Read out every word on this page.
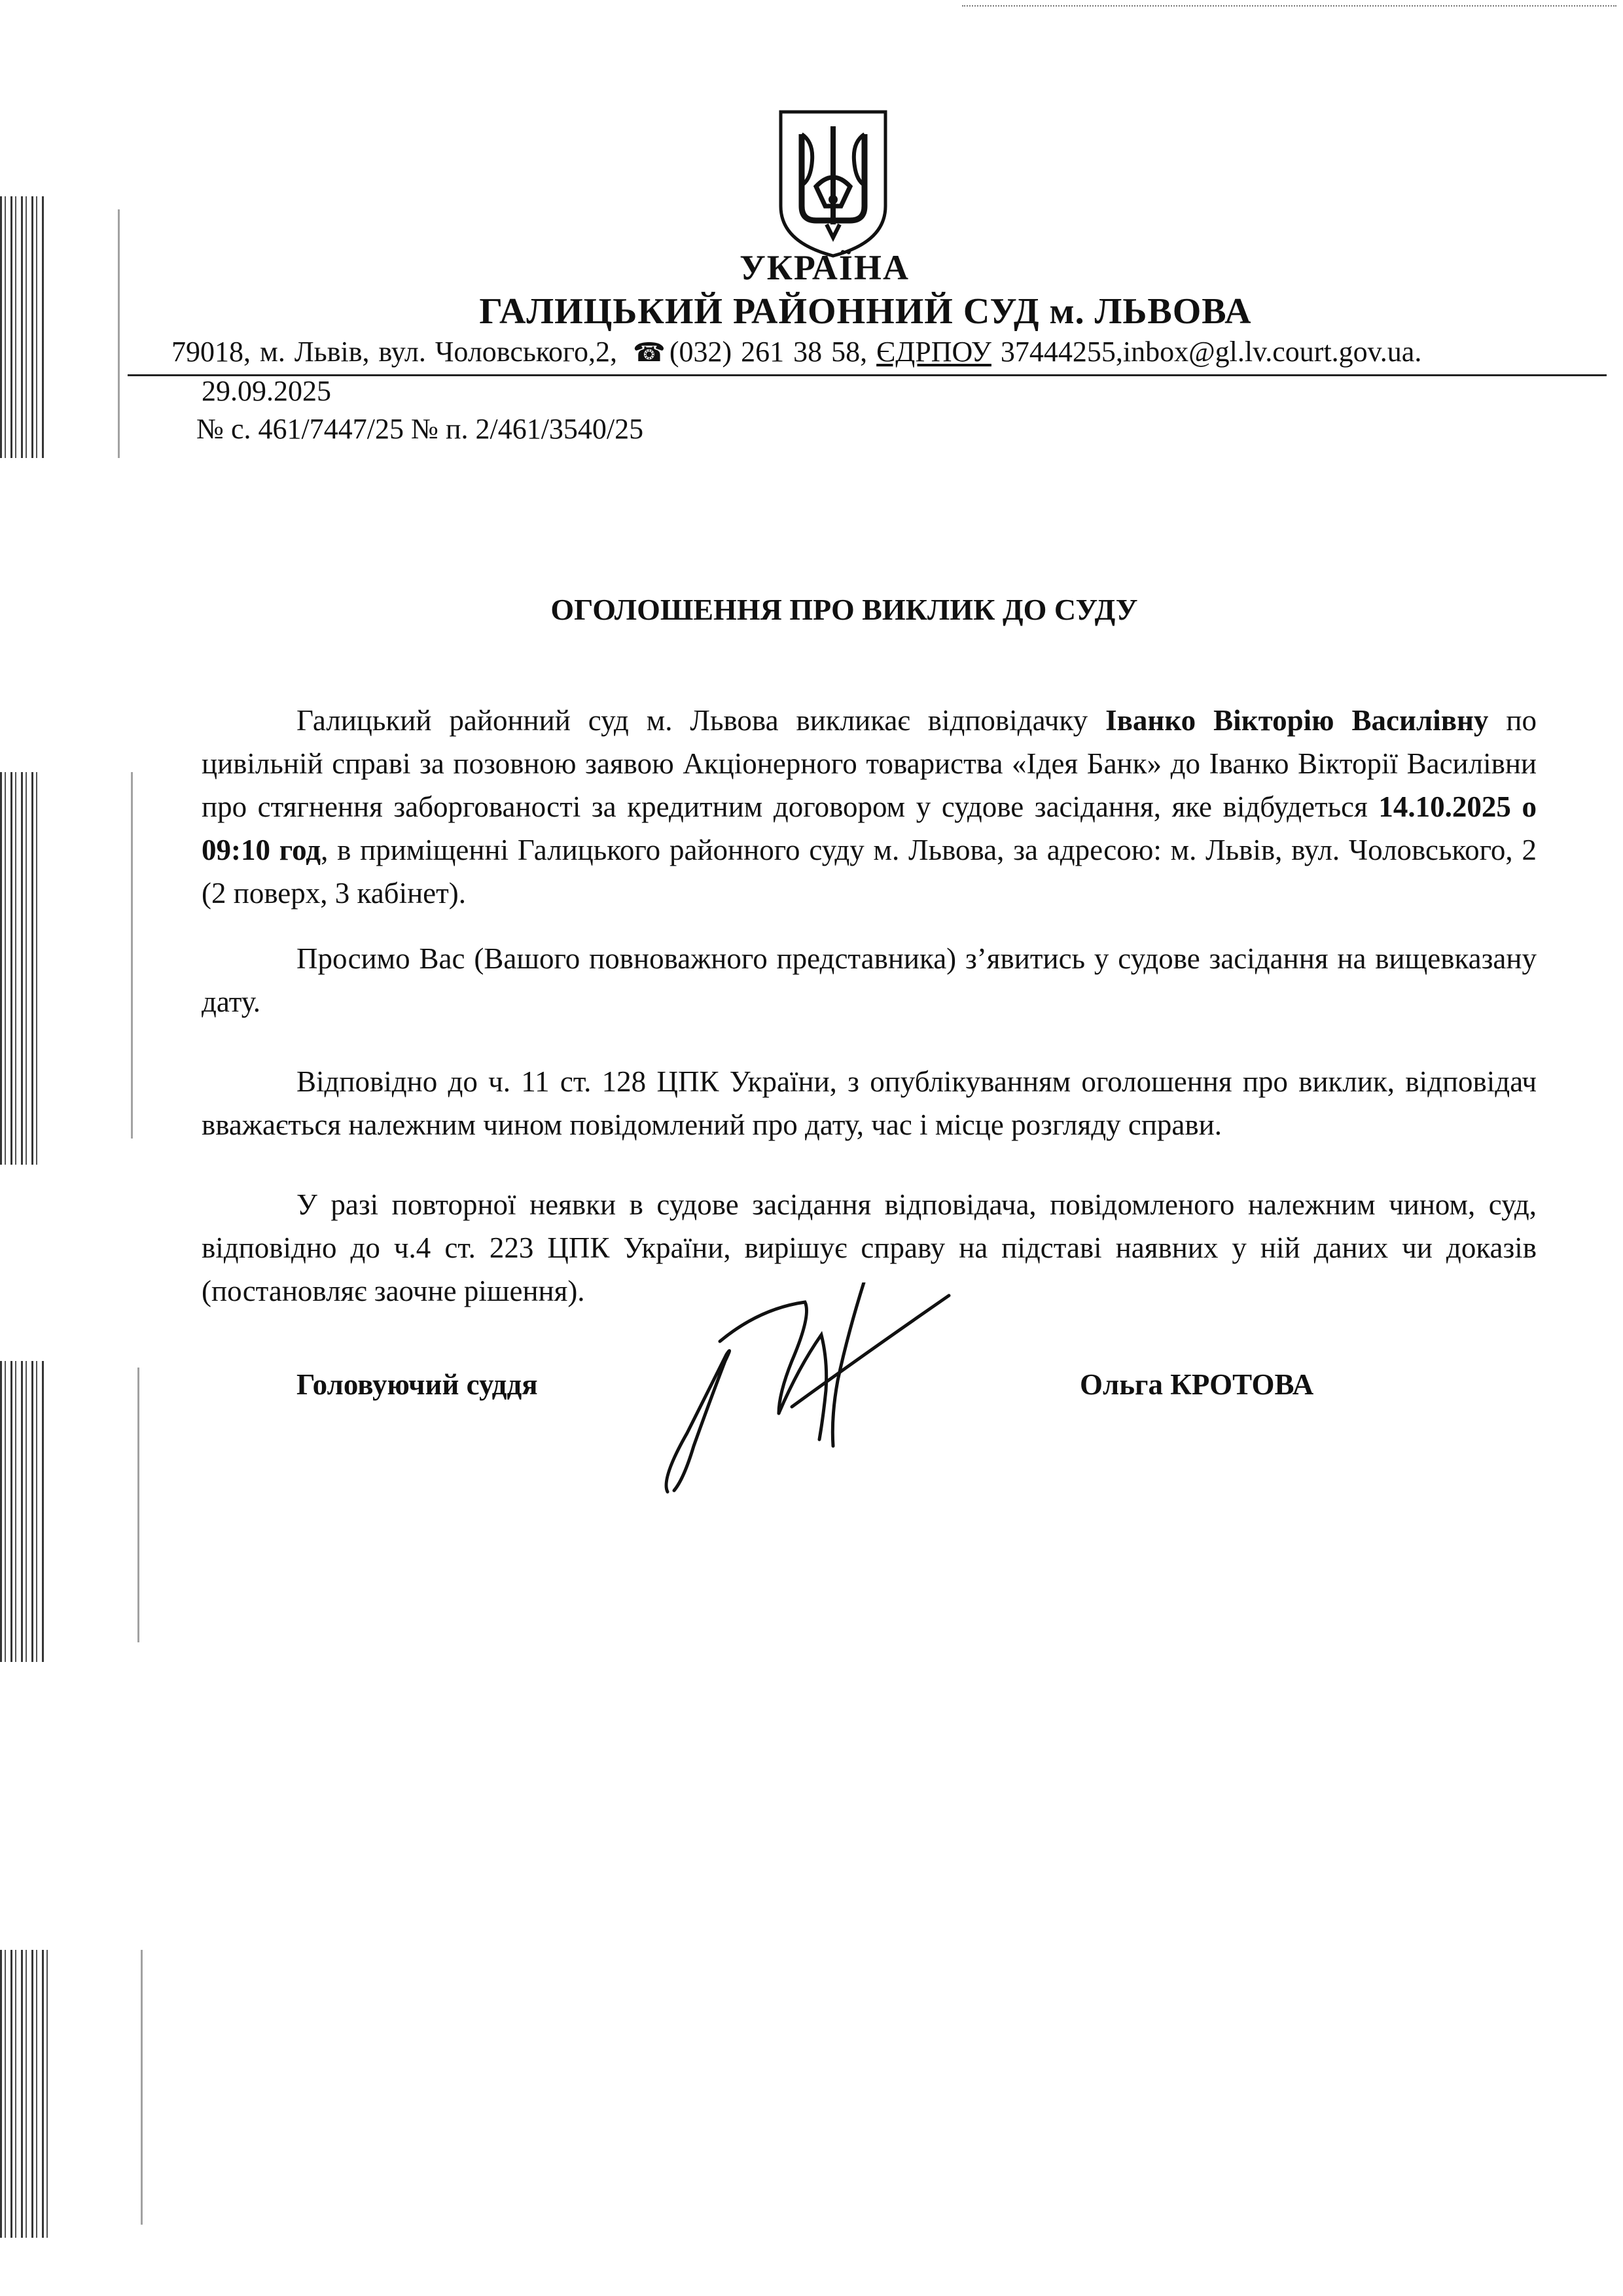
УКРАЇНА
ГАЛИЦЬКИЙ РАЙОННИЙ СУД м. ЛЬВОВА
79018, м. Львів, вул. Чоловського,2, ☎ (032) 261 38 58, ЄДРПОУ 37444255,inbox@gl.lv.court.gov.ua.
29.09.2025
№ с. 461/7447/25 № п. 2/461/3540/25
ОГОЛОШЕННЯ ПРО ВИКЛИК ДО СУДУ

Галицький районний суд м. Львова викликає відповідачку Іванко Вікторію Василівну по цивільній справі за позовною заявою Акціонерного товариства «Ідея Банк» до Іванко Вікторії Василівни про стягнення заборгованості за кредитним договором у судове засідання, яке відбудеться 14.10.2025 о 09:10 год, в приміщенні Галицького районного суду м. Львова, за адресою: м. Львів, вул. Чоловського, 2 (2 поверх, 3 кабінет).

Просимо Вас (Вашого повноважного представника) з’явитись у судове засідання на вищевказану дату.

Відповідно до ч. 11 ст. 128 ЦПК України, з опублікуванням оголошення про виклик, відповідач вважається належним чином повідомлений про дату, час і місце розгляду справи.

У разі повторної неявки в судове засідання відповідача, повідомленого належним чином, суд, відповідно до ч.4 ст. 223 ЦПК України, вирішує справу на підставі наявних у ній даних чи доказів (постановляє заочне рішення).

Головуючий суддя	Ольга КРОТОВА
